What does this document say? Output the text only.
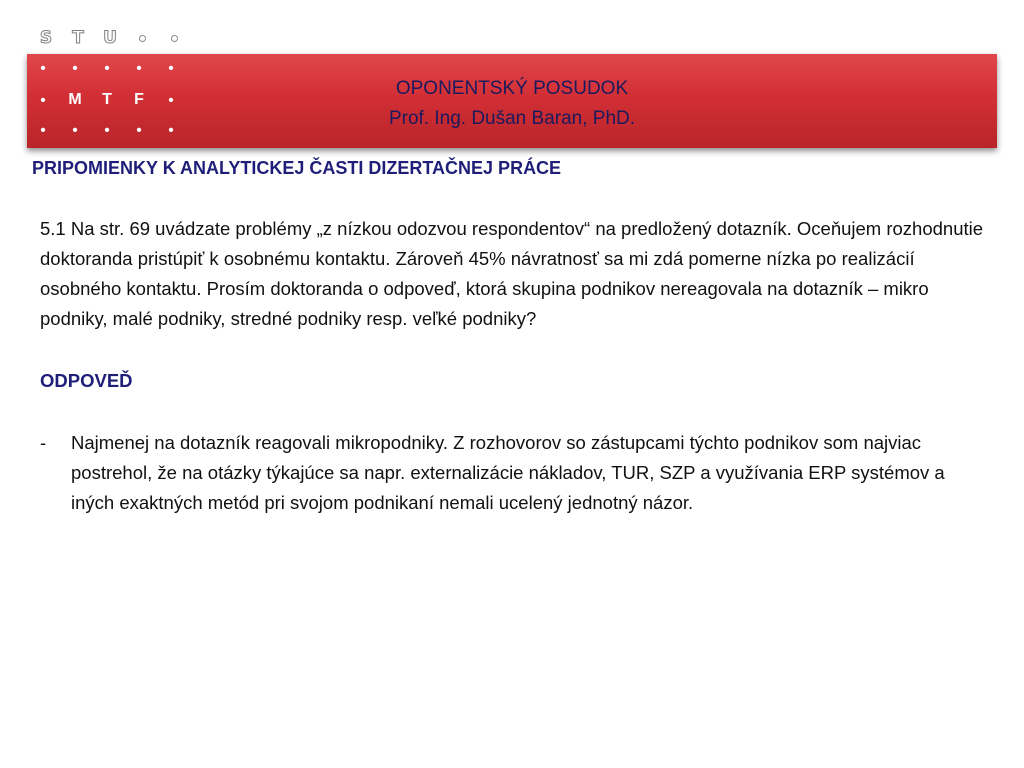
S	T	U
•	•	•	•	•
•	M	T	F	•
•	•	•	•	•
OPONENTSKÝ POSUDOK
Prof. Ing. Dušan Baran, PhD.
PRIPOMIENKY K ANALYTICKEJ ČASTI DIZERTAČNEJ PRÁCE

5.1 Na str. 69 uvádzate problémy „z nízkou odozvou respondentov“ na predložený dotazník. Oceňujem rozhodnutie doktoranda pristúpiť k osobnému kontaktu. Zároveň 45% návratnosť sa mi zdá pomerne nízka po realizácií osobného kontaktu. Prosím doktoranda o odpoveď, ktorá skupina podnikov nereagovala na dotazník – mikro podniky, malé podniky, stredné podniky resp. veľké podniky?

ODPOVEĎ

-	Najmenej na dotazník reagovali mikropodniky. Z rozhovorov so zástupcami týchto podnikov som najviac postrehol, že na otázky týkajúce sa napr. externalizácie nákladov, TUR, SZP a využívania ERP systémov a iných exaktných metód pri svojom podnikaní nemali ucelený jednotný názor.
